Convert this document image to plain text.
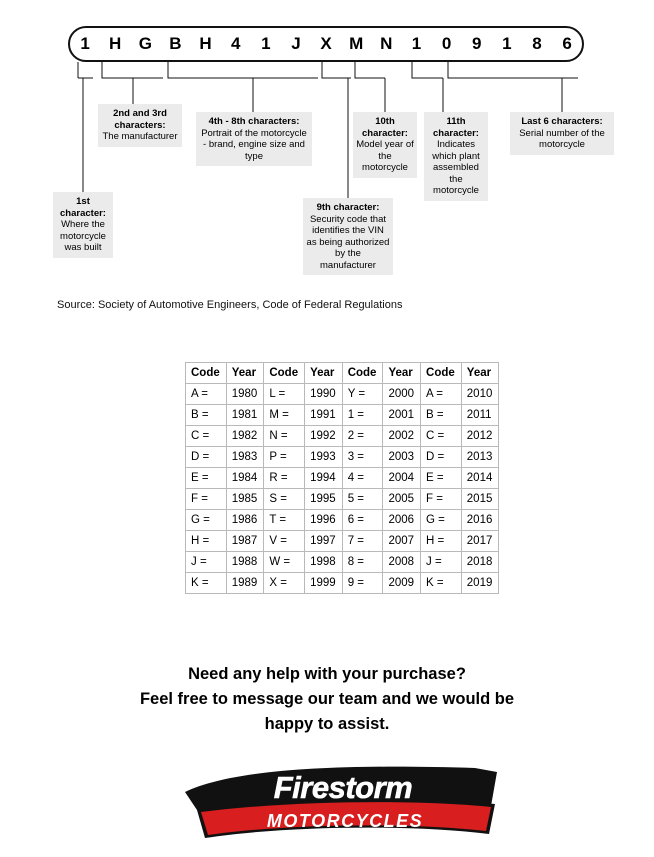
1	H	G	B	H	4	1	J	X	M N	1	0	9	1	8	6
1st character:
Where the motorcycle was built
2nd and 3rd characters:
The manufacturer
4th - 8th characters:
Portrait of the motorcycle - brand, engine size and type
9th character:
Security code that identifies the VIN as being authorized by the manufacturer
10th character:
Model year of the motorcycle
11th character:
Indicates which plant assembled the motorcycle
Last 6 characters:
Serial number of the motorcycle
Source: Society of Automotive Engineers, Code of Federal Regulations
Code	Year	Code	Year	Code	Year	Code	Year
A =	1980	L =	1990	Y =	2000	A =	2010
B =	1981	M =	1991	1 =	2001	B =	2011
C =	1982	N =	1992	2 =	2002	C =	2012
D =	1983	P =	1993	3 =	2003	D =	2013
E =	1984	R =	1994	4 =	2004	E =	2014
F =	1985	S =	1995	5 =	2005	F =	2015
G =	1986	T =	1996	6 =	2006	G =	2016
H =	1987	V =	1997	7 =	2007	H =	2017
J =	1988	W =	1998	8 =	2008	J =	2018
K =	1989	X =	1999	9 =	2009	K =	2019
Need any help with your purchase?
Feel free to message our team and we would be
happy to assist.
Firestorm
MOTORCYCLES
